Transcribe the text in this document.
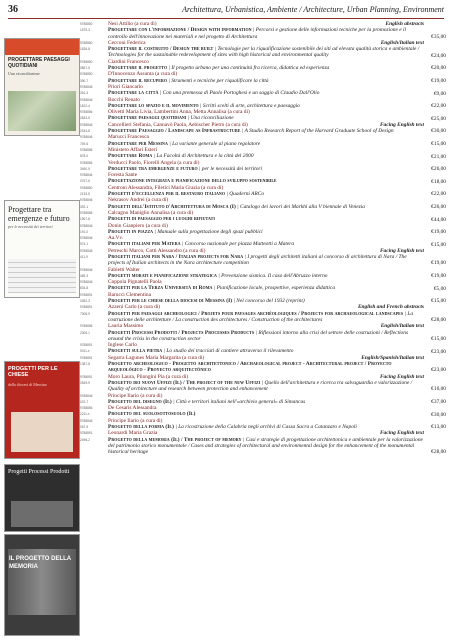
36	Architettura, Urbanistica, Ambiente / Architecture, Urban Planning, Environment
PROGETTARE PAESAGGI QUOTIDIANI
Una riconciliazione
Progettare tra emergenze e futuro
per le necessità dei territori
PROGETTI PER LE CHIESE
della diocesi di Messina
Progetti Processi Prodotti
IL PROGETTO DELLA MEMORIA
9788850
1579-3
English abstracts
Nesi Attilio (a cura di)
Progettare con l'informazione / Design with information | Percorsi e gestione delle informazioni tecniche per la promozione e il controllo dell'innovazione nei materiali e nel progetto di Architettura	€35,00
9788850
1826-8
English/Italian text
Cecconi Federica
Progettare il costruito / Design the built | Tecnologie per la riqualificazione sostenibile dei siti ad elevata qualità storica e ambientale / Technologies for the sustainable redevelopment of sites with high historical and environmental quality	€24,00
9788850
0857-5
Ciardini Francesco
Progettare il progetto | Il progetto urbano per una continuità fra ricerca, didattica ed esperienza	€20,00
9788850
390-7
D'Innocenzo Assunta (a cura di)
Progettare il recupero | Strumenti e tecniche per riqualificare la città	€19,00
9788846
316-3
Priori Giancarlo
Progettare la città | Con una premessa di Paolo Portoghesi e un saggio di Claudio Dall'Olio	€9,00
9788846
1812-4
Bocchi Renato
Progettare lo spazio e il movimento | Scritti scelti di arte, architettura e paesaggio	€22,00
9788856
2833-5
Olivetti Maria Livia, Lambertini Anna, Metta Annalisa (a cura di)
Progettare paesaggi quotidiani | Una riconciliazione	€25,00
9788846
2184-8
Facing English text
Cancellieri Stefania, Cannavò Paola, Aebischer Pietro (a cura di)
Progettare Paesaggio / Landscape as Infrastructure | A Studio Research Report of the Harvard Graduate School of Design	€30,00
9788846
749-6
Marucci Francesca
Progettare per Messina | La variante generale al piano regolatore	€15,00
9788856
878-0
Ministero Affari Esteri
Progettare Roma | La Facoltà di Architettura e la città del 2000	€21,00
9788856
3490-9
Verducci Paolo, Fiorelli Angela (a cura di)
Progettare tra emergenze e futuro | per le necessità dei territori	€26,00
9788846
0757-6
Foresta Sante
Progettazione integrata e pianificazione dello sviluppo sostenibile	€18,00
9788850
2133-5
Centroni Alessandra, Filetici Maria Grazia (a cura di)
Progetti d'eccellenza per il restauro italiano | Quaderni ARCo	€22,00
9788846
392-1
Nekrasov Andrei (a cura di)
Progetti dell'Istituto d'Architettura di Mosca (I) | Catalogo dei lavori dei Markhi alla V biennale di Venezia	€26,00
9788856
1967-8
Calcagno Maniglio Annalisa (a cura di)
Progetti di paesaggio per i luoghi rifiutati	€44,00
9788846
191-0
Donin Gianpiero (a cura di)
Progetti in piazza | Manuale sulla progettazione degli spazi pubblici	€19,00
9788846
974-1
Aa.Vv.
Progetti italiani per Matera | Concorso nazionale per piazza Matteotti a Matera	€15,00
9788846
411-9
Facing English text
Petreschi Marco, Cotti Alessandro (a cura di)
Progetti italiani per Nara / Italian projects for Nara | I progetti degli architetti italiani al concorso di architettura di Nara / The projects of Italian architects in the Nara architecture competition	€19,00
9788846
469-3
Fabietti Walter
Progetti morati e pianificazione strategica | Prevenzione sismica. Il caso dell'Abruzzo interno	€19,00
9788846
834-8
Coppola Pignatelli Paola
Progetti per la Terza Università di Roma | Pianificazione locale, prospettive, esperienza didattica	€5,00
9788891
0352-3
Barucci Clementina
Progetti per le chiese della diocesi di Messina (I) | Nel concorso del 1932 (reprint)	€15,00
9788891
7308-9
English and French abstracts
Azzeni Carlo (a cura di)
Progetti per paesaggi archeologici / Projets pour paysages archéologiques / Projects for archaeological landscapes | La costruzione delle architetture / La construction des architectures / Construction of the architectures	€28,00
9788856
2305-1
English/Italian text
Lauria Massimo
Progetti Processi Prodotti / Projects Processes Products | Riflessioni intorno alla crisi del settore delle costruzioni / Reflections around the crisis in the construction sector	€15,00
9788891
0011-x
Inglese Carlo
Progetti sulla pietra | Lo studio dei tracciati di cantiere attraverso il rilevamento	€23,00
9788891
1387-8
English/Spanish/Italian text
Segarra Lagunes Maria Margarita (a cura di)
Progetto archeologico - Progetto architettonico / Archaeological project - Architectural project / Proyecto arqueológico - Proyecto arquitectónico	€23,00
9788891
0549-9
Facing English text
Moro Laura, Pilongini Pia (a cura di)
Progetto dei nuovi Uffizi (Il) / The project of the new Uffizi | Quello dell'architettura e ricerca tra salvaguardia e valorizzazione / Quality of architecture and research between protection and enhancement	€16,00
9788846
022-7
Principe Ilario (a cura di)
Progetto del disegno (Il) | Città e territori italiani nell'«archivio general» di Simancas	€37,00
9788856
2211-x
De Cesaris Alessandra
Progetto del suolosottosuolo (Il)	€30,00
9788846
067-9
Principe Ilario (a cura di)
Progetto della forma (Il) | La ricostruzione della Calabria negli archivi di Cassa Sacra a Catanzaro e Napoli	€13,00
9788891
2496-2
Facing English text
Leonardi Maria Grazia
Progetto della memoria (Il) / The project of memory | Casi e strategie di progettazione architettonica e ambientale per la valorizzazione del patrimonio storico monumentale / Cases and strategies of architectural and environmental design for the enhancement of the monumental historical heritage	€28,00
